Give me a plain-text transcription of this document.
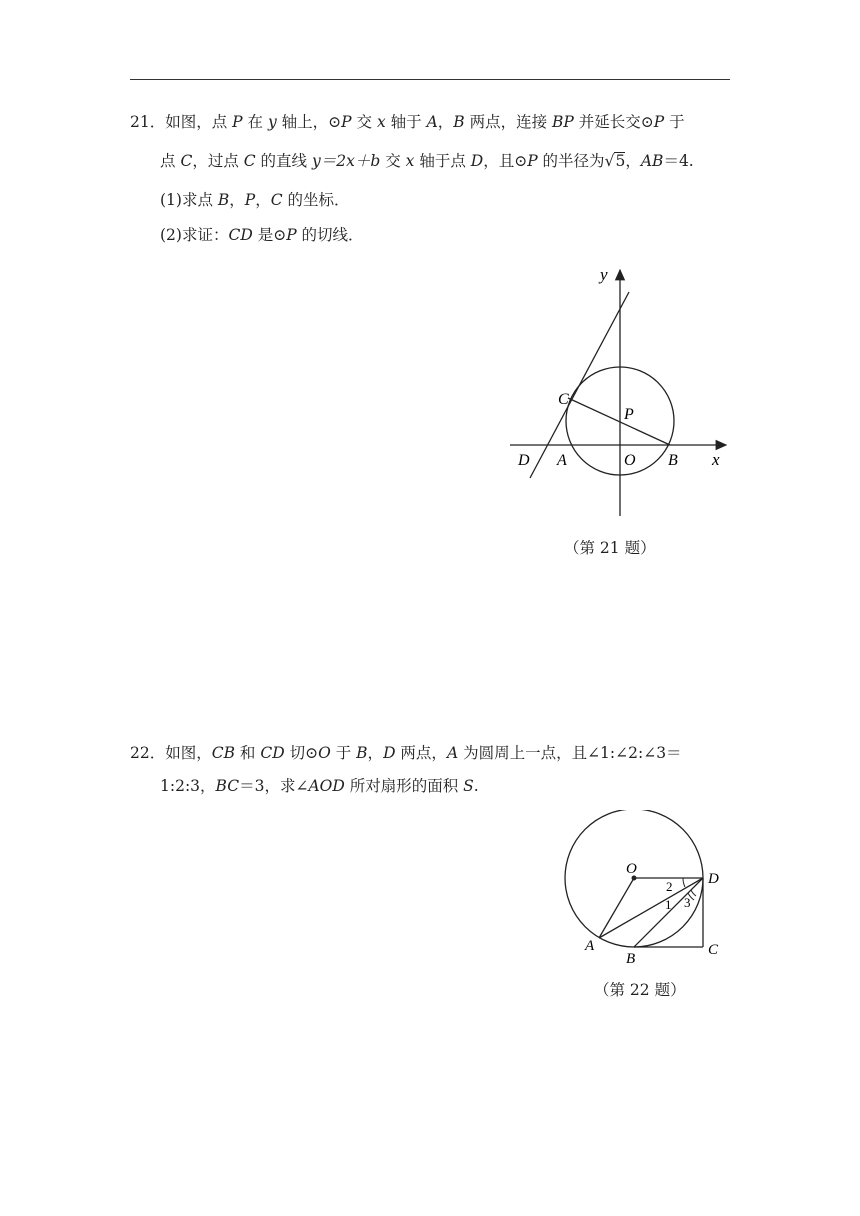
21．如图，点 P 在 y 轴上，⊙P 交 x 轴于 A，B 两点，连接 BP 并延长交⊙P 于
点 C，过点 C 的直线 y＝2x＋b 交 x 轴于点 D，且⊙P 的半径为√5，AB＝4.
(1)求点 B，P，C 的坐标．
(2)求证：CD 是⊙P 的切线．
y
x
C
P
D A	O B
（第 21 题）
22．如图，CB 和 CD 切⊙O 于 B，D 两点，A 为圆周上一点，且∠1:∠2:∠3＝
1:2:3，BC＝3，求∠AOD 所对扇形的面积 S.
O
D
A
B
C
2
1 3
（第 22 题）
